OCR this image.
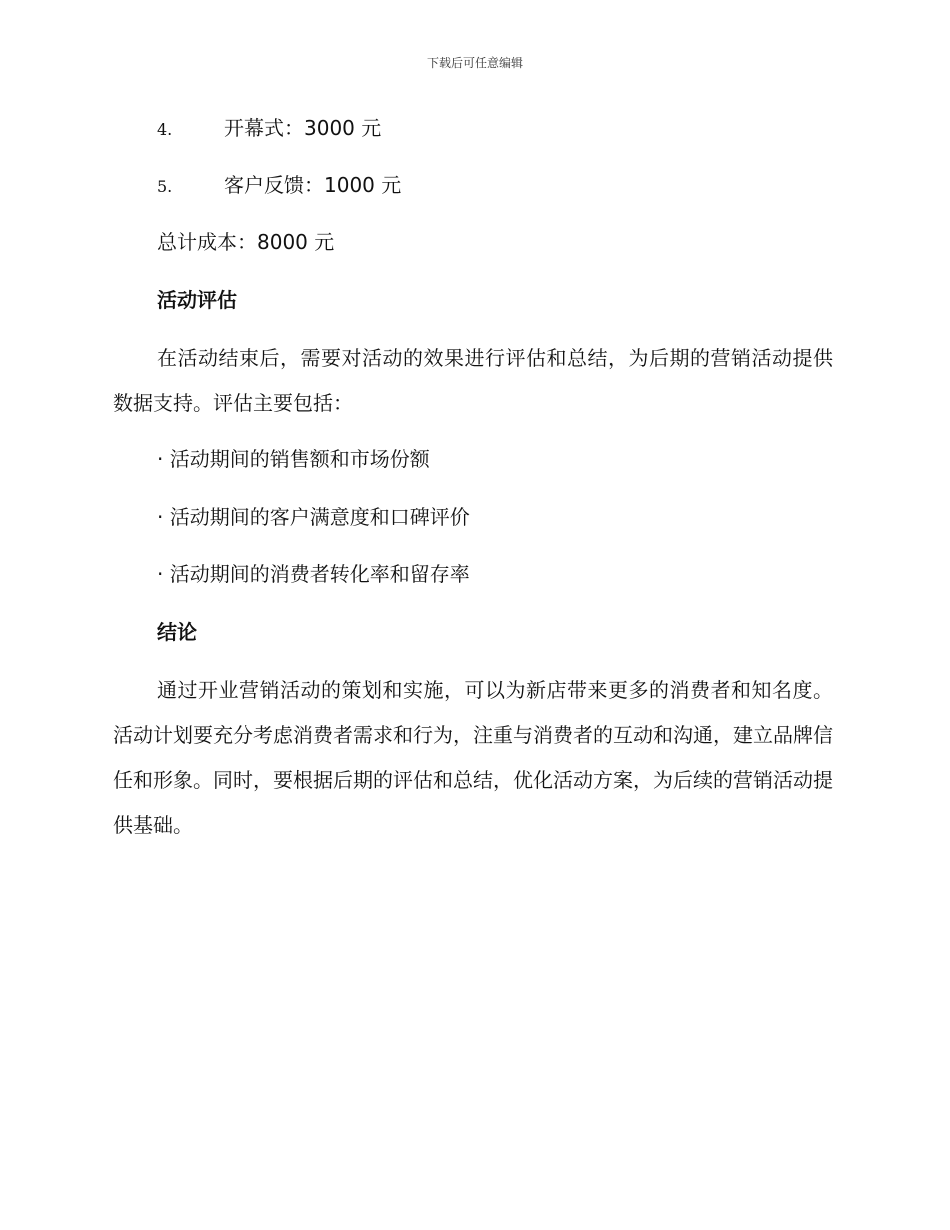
下载后可任意编辑
4.	开幕式：3000 元
5.	客户反馈：1000 元
总计成本：8000 元
活动评估
在活动结束后，需要对活动的效果进行评估和总结，为后期的营销活动提供数据支持。评估主要包括：
· 活动期间的销售额和市场份额
· 活动期间的客户满意度和口碑评价
· 活动期间的消费者转化率和留存率
结论
通过开业营销活动的策划和实施，可以为新店带来更多的消费者和知名度。活动计划要充分考虑消费者需求和行为，注重与消费者的互动和沟通，建立品牌信任和形象。同时，要根据后期的评估和总结，优化活动方案，为后续的营销活动提供基础。
